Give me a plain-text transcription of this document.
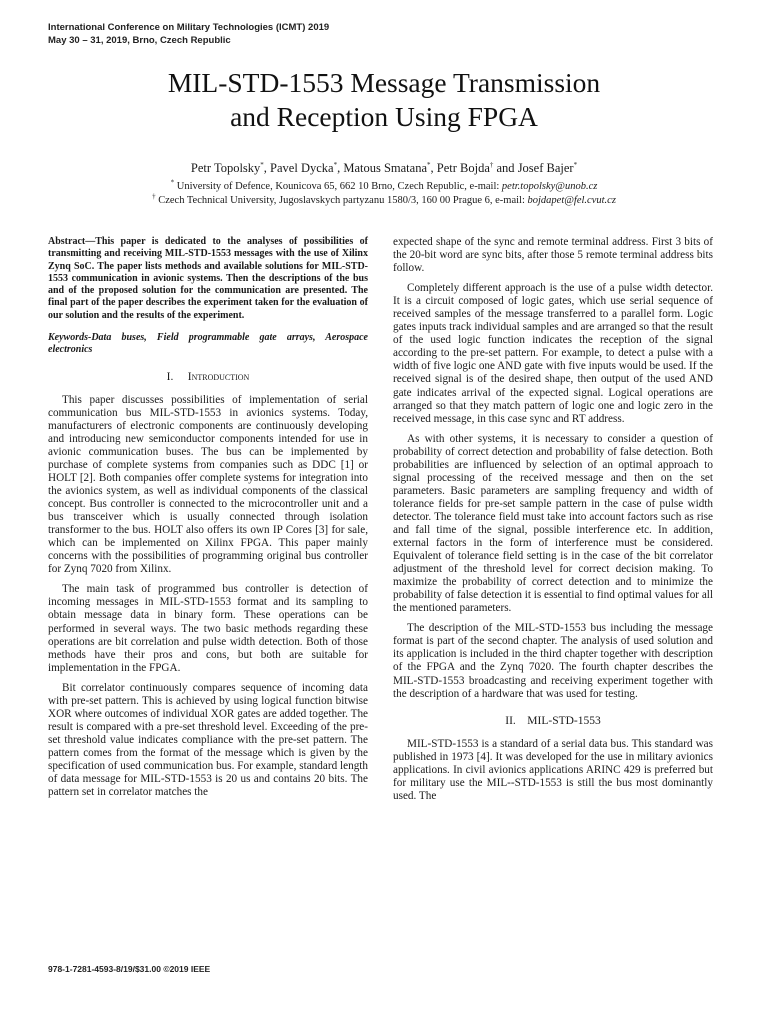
International Conference on Military Technologies (ICMT) 2019
May 30 – 31, 2019, Brno, Czech Republic
MIL-STD-1553 Message Transmission
and Reception Using FPGA
Petr Topolsky*, Pavel Dycka*, Matous Smatana*, Petr Bojda† and Josef Bajer*
* University of Defence, Kounicova 65, 662 10 Brno, Czech Republic, e-mail: petr.topolsky@unob.cz
† Czech Technical University, Jugoslavskych partyzanu 1580/3, 160 00 Prague 6, e-mail: bojdapet@fel.cvut.cz

Abstract—This paper is dedicated to the analyses of possibilities of transmitting and receiving MIL-STD-1553 messages with the use of Xilinx Zynq SoC. The paper lists methods and available solutions for MIL-STD-1553 communication in avionic systems. Then the descriptions of the bus and of the proposed solution for the communication are presented. The final part of the paper describes the experiment taken for the evaluation of our solution and the results of the experiment.

Keywords-Data buses, Field programmable gate arrays, Aerospace electronics

I. Introduction

This paper discusses possibilities of implementation of serial communication bus MIL-STD-1553 in avionics systems. Today, manufacturers of electronic components are continuously developing and introducing new semiconductor components intended for use in avionic communication buses. The bus can be implemented by purchase of complete systems from companies such as DDC [1] or HOLT [2]. Both companies offer complete systems for integration into the avionics system, as well as individual components of the classical concept. Bus controller is connected to the microcontroller unit and a bus transceiver which is usually connected through isolation transformer to the bus. HOLT also offers its own IP Cores [3] for sale, which can be implemented on Xilinx FPGA. This paper mainly concerns with the possibilities of programming original bus controller for Zynq 7020 from Xilinx.

The main task of programmed bus controller is detection of incoming messages in MIL-STD-1553 format and its sampling to obtain message data in binary form. These operations can be performed in several ways. The two basic methods regarding these operations are bit correlation and pulse width detection. Both of those methods have their pros and cons, but both are suitable for implementation in the FPGA.

Bit correlator continuously compares sequence of incoming data with pre-set pattern. This is achieved by using logical function bitwise XOR where outcomes of individual XOR gates are added together. The result is compared with a pre-set threshold level. Exceeding of the pre-set threshold value indicates compliance with the pre-set pattern. The pattern comes from the format of the message which is given by the specification of used communication bus. For example, standard length of data message for MIL-STD-1553 is 20 us and contains 20 bits. The pattern set in correlator matches the

expected shape of the sync and remote terminal address. First 3 bits of the 20-bit word are sync bits, after those 5 remote terminal address bits follow.

Completely different approach is the use of a pulse width detector. It is a circuit composed of logic gates, which use serial sequence of received samples of the message transferred to a parallel form. Logic gates inputs track individual samples and are arranged so that the result of the used logic function indicates the reception of the signal according to the pre-set pattern. For example, to detect a pulse with a width of five logic one AND gate with five inputs would be used. If the received signal is of the desired shape, then output of the used AND gate indicates arrival of the expected signal. Logical operations are arranged so that they match pattern of logic one and logic zero in the received message, in this case sync and RT address.

As with other systems, it is necessary to consider a question of probability of correct detection and probability of false detection. Both probabilities are influenced by selection of an optimal approach to signal processing of the received message and then on the set parameters. Basic parameters are sampling frequency and width of tolerance fields for pre-set sample pattern in the case of pulse width detector. The tolerance field must take into account factors such as rise and fall time of the signal, possible interference etc. In addition, external factors in the form of interference must be considered. Equivalent of tolerance field setting is in the case of the bit correlator adjustment of the threshold level for correct decision making. To maximize the probability of correct detection and to minimize the probability of false detection it is essential to find optimal values for all the mentioned parameters.

The description of the MIL-STD-1553 bus including the message format is part of the second chapter. The analysis of used solution and its application is included in the third chapter together with description of the FPGA and the Zynq 7020. The fourth chapter describes the MIL-STD-1553 broadcasting and receiving experiment together with the description of a hardware that was used for testing.

II. MIL-STD-1553

MIL-STD-1553 is a standard of a serial data bus. This standard was published in 1973 [4]. It was developed for the use in military avionics applications. In civil avionics applications ARINC 429 is preferred but for military use the MIL--STD-1553 is still the bus most dominantly used. The

978-1-7281-4593-8/19/$31.00 ©2019 IEEE
